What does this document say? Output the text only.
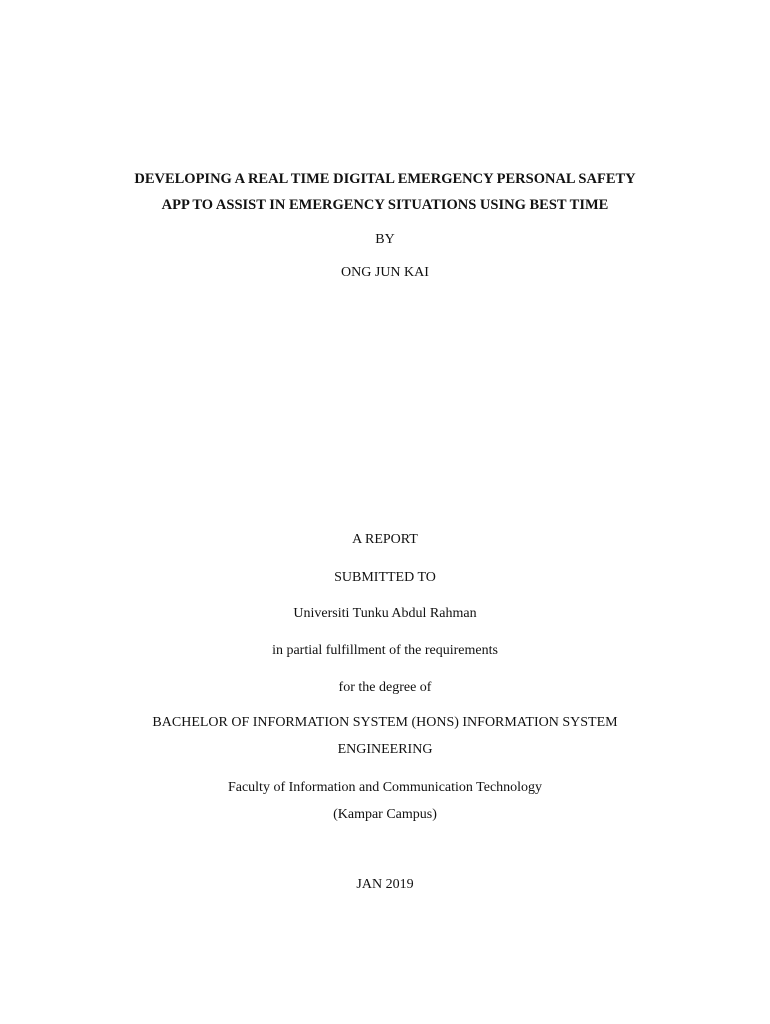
DEVELOPING A REAL TIME DIGITAL EMERGENCY PERSONAL SAFETY
APP TO ASSIST IN EMERGENCY SITUATIONS USING BEST TIME
BY
ONG JUN KAI
A REPORT
SUBMITTED TO
Universiti Tunku Abdul Rahman
in partial fulfillment of the requirements
for the degree of
BACHELOR OF INFORMATION SYSTEM (HONS) INFORMATION SYSTEM
ENGINEERING
Faculty of Information and Communication Technology
(Kampar Campus)
JAN 2019
